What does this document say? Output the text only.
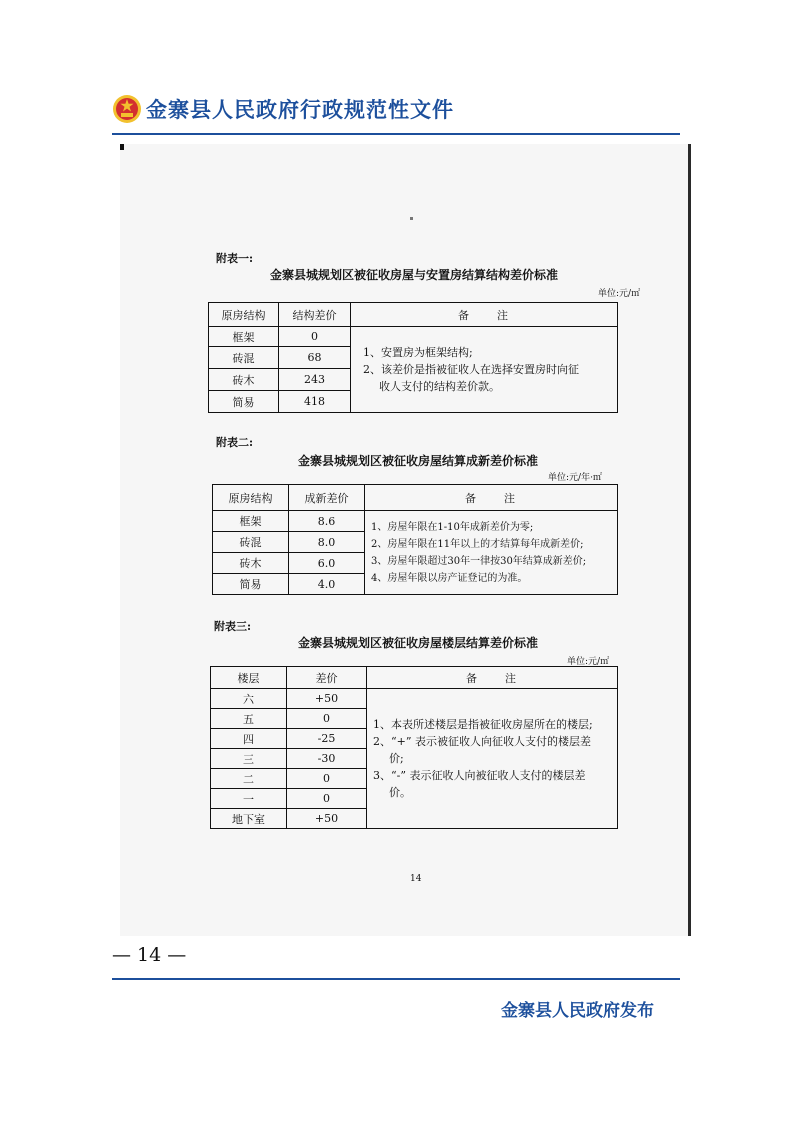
金寨县人民政府行政规范性文件
附表一:
金寨县城规划区被征收房屋与安置房结算结构差价标准
单位:元/㎡
原房结构	结构差价	备　　注
框架	0	1、安置房为框架结构;
2、该差价是指被征收人在选择安置房时向征
收人支付的结构差价款。

砖混	68	
砖木	243	
简易	418	
附表二:
金寨县城规划区被征收房屋结算成新差价标准
单位:元/年·㎡
原房结构	成新差价	备　　注
框架	8.6	1、房屋年限在1-10年成新差价为零;
2、房屋年限在11年以上的才结算每年成新差价;
3、房屋年限超过30年一律按30年结算成新差价;
4、房屋年限以房产证登记的为准。

砖混	8.0	
砖木	6.0	
简易	4.0	
附表三:
金寨县城规划区被征收房屋楼层结算差价标准
单位:元/㎡
楼层	差价	备　　注
六	+50	1、本表所述楼层是指被征收房屋所在的楼层;
2、“+” 表示被征收人向征收人支付的楼层差
价;
3、“-” 表示征收人向被征收人支付的楼层差
价。

五	0	
四	-25	
三	-30	
二	0	
一	0	
地下室	+50	
14
— 14 —
金寨县人民政府发布
